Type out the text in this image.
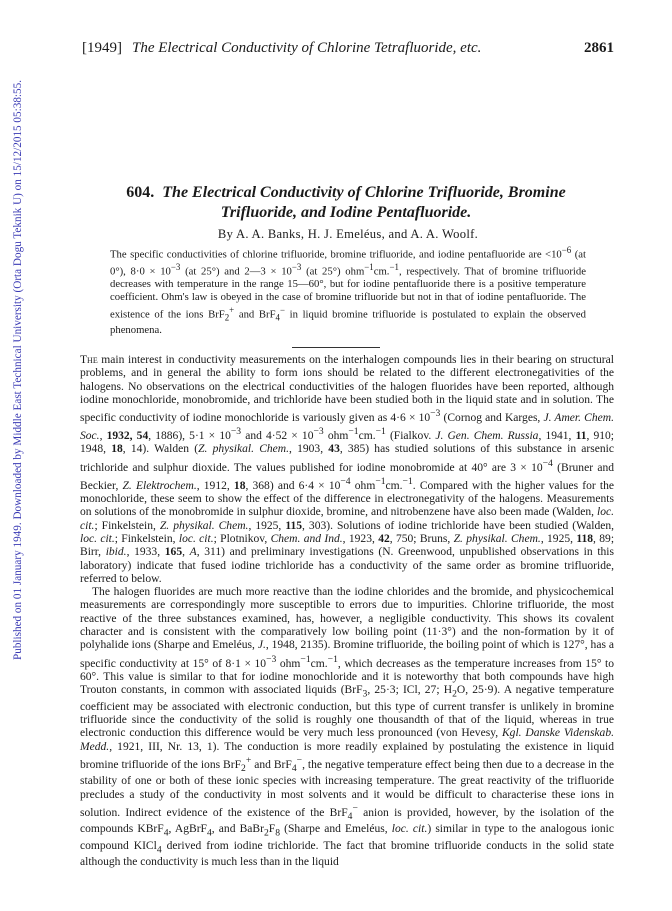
Published on 01 January 1949. Downloaded by Middle East Technical University (Orta Dogu Teknik U) on 15/12/2015 05:38:55.
[1949] The Electrical Conductivity of Chlorine Tetrafluoride, etc.	2861
604. The Electrical Conductivity of Chlorine Trifluoride, Bromine
Trifluoride, and Iodine Pentafluoride.
By A. A. Banks, H. J. Emeléus, and A. A. Woolf.
The specific conductivities of chlorine trifluoride, bromine trifluoride, and iodine pentafluoride are $<10^{-6}$ (at 0°), $8\cdot 0 \times 10^{-3}$ (at 25°) and 2—3 × $10^{-3}$ (at 25°) ohm$^{-1}$cm.$^{-1}$, respectively. That of bromine trifluoride decreases with temperature in the range 15—60°, but for iodine pentafluoride there is a positive temperature coefficient. Ohm's law is obeyed in the case of bromine trifluoride but not in that of iodine pentafluoride. The existence of the ions BrF$_2$+ and BrF$_4$− in liquid bromine trifluoride is postulated to explain the observed phenomena.

The main interest in conductivity measurements on the interhalogen compounds lies in their bearing on structural problems, and in general the ability to form ions should be related to the different electronegativities of the halogens. No observations on the electrical conductivities of the halogen fluorides have been reported, although iodine monochloride, monobromide, and trichloride have been studied both in the liquid state and in solution. The specific conductivity of iodine monochloride is variously given as $4\cdot 6 \times 10^{-3}$ (Cornog and Karges, J. Amer. Chem. Soc., 1932, 54, 1886), $5\cdot 1 \times 10^{-3}$ and $4\cdot 52 \times 10^{-3}$ ohm$^{-1}$cm.$^{-1}$ (Fialkov. J. Gen. Chem. Russia, 1941, 11, 910; 1948, 18, 14). Walden (Z. physikal. Chem., 1903, 43, 385) has studied solutions of this substance in arsenic trichloride and sulphur dioxide. The values published for iodine monobromide at 40° are $3 \times 10^{-4}$ (Bruner and Beckier, Z. Elektrochem., 1912, 18, 368) and $6\cdot 4 \times 10^{-4}$ ohm$^{-1}$cm.$^{-1}$. Compared with the higher values for the monochloride, these seem to show the effect of the difference in electronegativity of the halogens. Measurements on solutions of the monobromide in sulphur dioxide, bromine, and nitrobenzene have also been made (Walden, loc. cit.; Finkelstein, Z. physikal. Chem., 1925, 115, 303). Solutions of iodine trichloride have been studied (Walden, loc. cit.; Finkelstein, loc. cit.; Plotnikov, Chem. and Ind., 1923, 42, 750; Bruns, Z. physikal. Chem., 1925, 118, 89; Birr, ibid., 1933, 165, A, 311) and preliminary investigations (N. Greenwood, unpublished observations in this laboratory) indicate that fused iodine trichloride has a conductivity of the same order as bromine trifluoride, referred to below.

The halogen fluorides are much more reactive than the iodine chlorides and the bromide, and physicochemical measurements are correspondingly more susceptible to errors due to impurities. Chlorine trifluoride, the most reactive of the three substances examined, has, however, a negligible conductivity. This shows its covalent character and is consistent with the comparatively low boiling point (11·3°) and the non-formation by it of polyhalide ions (Sharpe and Emeléus, J., 1948, 2135). Bromine trifluoride, the boiling point of which is 127°, has a specific conductivity at 15° of $8\cdot 1 \times 10^{-3}$ ohm$^{-1}$cm.$^{-1}$, which decreases as the temperature increases from 15° to 60°. This value is similar to that for iodine monochloride and it is noteworthy that both compounds have high Trouton constants, in common with associated liquids (BrF$_3$, 25·3; ICl, 27; $H_2O$, 25·9). A negative temperature coefficient may be associated with electronic conduction, but this type of current transfer is unlikely in bromine trifluoride since the conductivity of the solid is roughly one thousandth of that of the liquid, whereas in true electronic conduction this difference would be very much less pronounced (von Hevesy, Kgl. Danske Videnskab. Medd., 1921, III, Nr. 13, 1). The conduction is more readily explained by postulating the existence in liquid bromine trifluoride of the ions BrF$_2$+ and BrF$_4$−, the negative temperature effect being then due to a decrease in the stability of one or both of these ionic species with increasing temperature. The great reactivity of the trifluoride precludes a study of the conductivity in most solvents and it would be difficult to characterise these ions in solution. Indirect evidence of the existence of the BrF$_4$− anion is provided, however, by the isolation of the compounds KBrF$_4$, AgBrF$_4$, and $BaBr_2F_8$ (Sharpe and Emeléus, loc. cit.) similar in type to the analogous ionic compound KICl$_4$ derived from iodine trichloride. The fact that bromine trifluoride conducts in the solid state although the conductivity is much less than in the liquid
